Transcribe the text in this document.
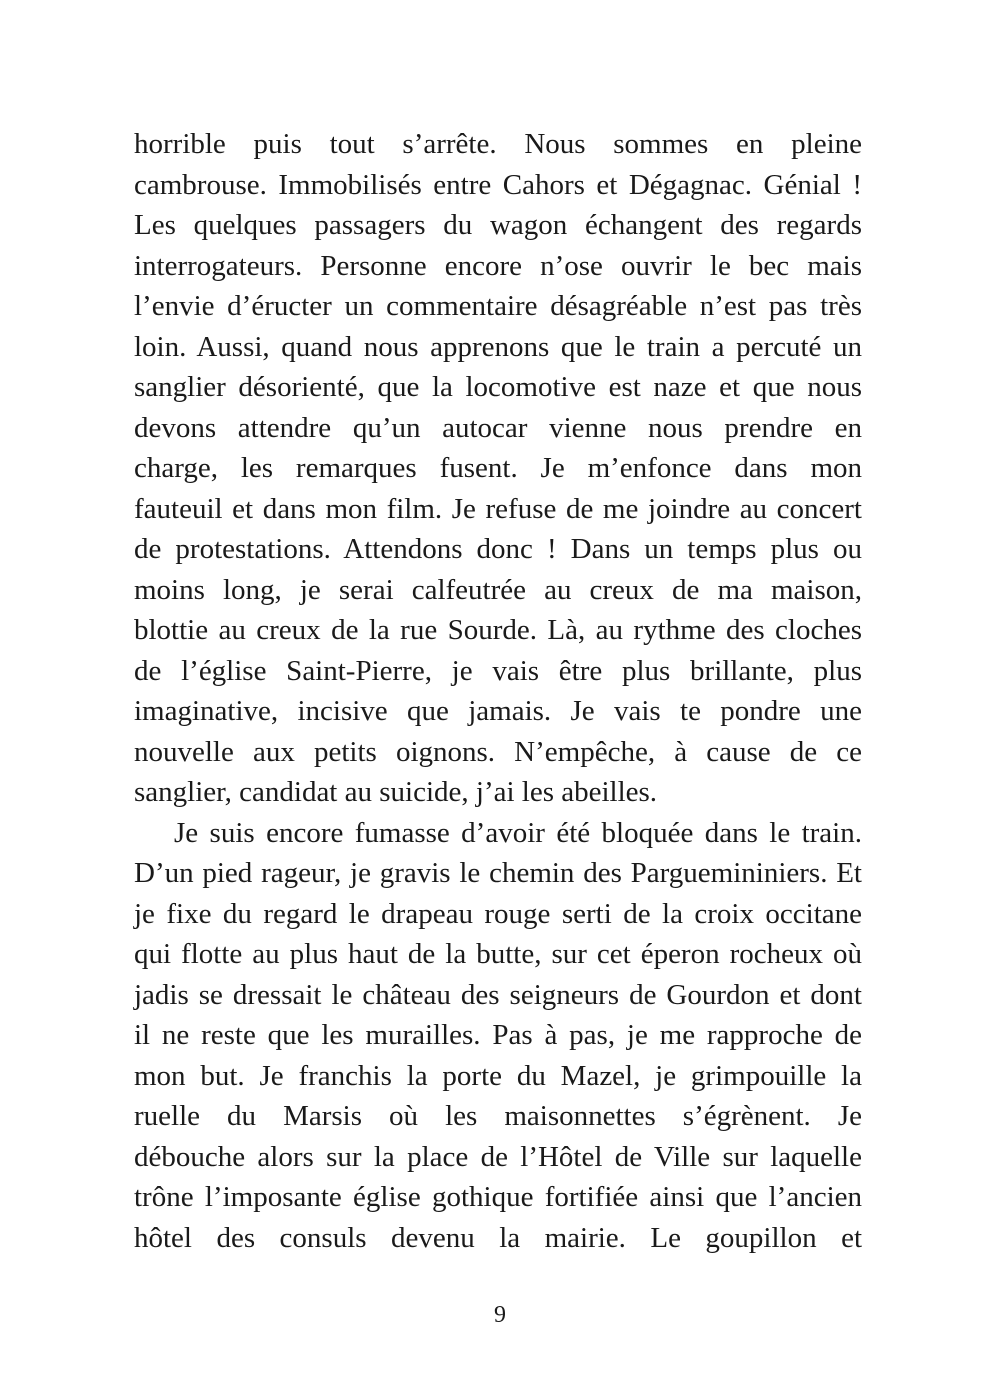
horrible puis tout s’arrête. Nous sommes en pleine
cambrouse. Immobilisés entre Cahors et Dégagnac. Génial !
Les quelques passagers du wagon échangent des regards
interrogateurs. Personne encore n’ose ouvrir le bec mais
l’envie d’éructer un commentaire désagréable n’est pas très
loin. Aussi, quand nous apprenons que le train a percuté un
sanglier désorienté, que la locomotive est naze et que nous
devons attendre qu’un autocar vienne nous prendre en
charge, les remarques fusent. Je m’enfonce dans mon
fauteuil et dans mon film. Je refuse de me joindre au concert
de protestations. Attendons donc ! Dans un temps plus ou
moins long, je serai calfeutrée au creux de ma maison,
blottie au creux de la rue Sourde. Là, au rythme des cloches
de l’église Saint-Pierre, je vais être plus brillante, plus
imaginative, incisive que jamais. Je vais te pondre une
nouvelle aux petits oignons. N’empêche, à cause de ce
sanglier, candidat au suicide, j’ai les abeilles.
Je suis encore fumasse d’avoir été bloquée dans le train.
D’un pied rageur, je gravis le chemin des Parguemininiers. Et
je fixe du regard le drapeau rouge serti de la croix occitane
qui flotte au plus haut de la butte, sur cet éperon rocheux où
jadis se dressait le château des seigneurs de Gourdon et dont
il ne reste que les murailles. Pas à pas, je me rapproche de
mon but. Je franchis la porte du Mazel, je grimpouille la
ruelle du Marsis où les maisonnettes s’égrènent. Je
débouche alors sur la place de l’Hôtel de Ville sur laquelle
trône l’imposante église gothique fortifiée ainsi que l’ancien
hôtel des consuls devenu la mairie. Le goupillon et
9
